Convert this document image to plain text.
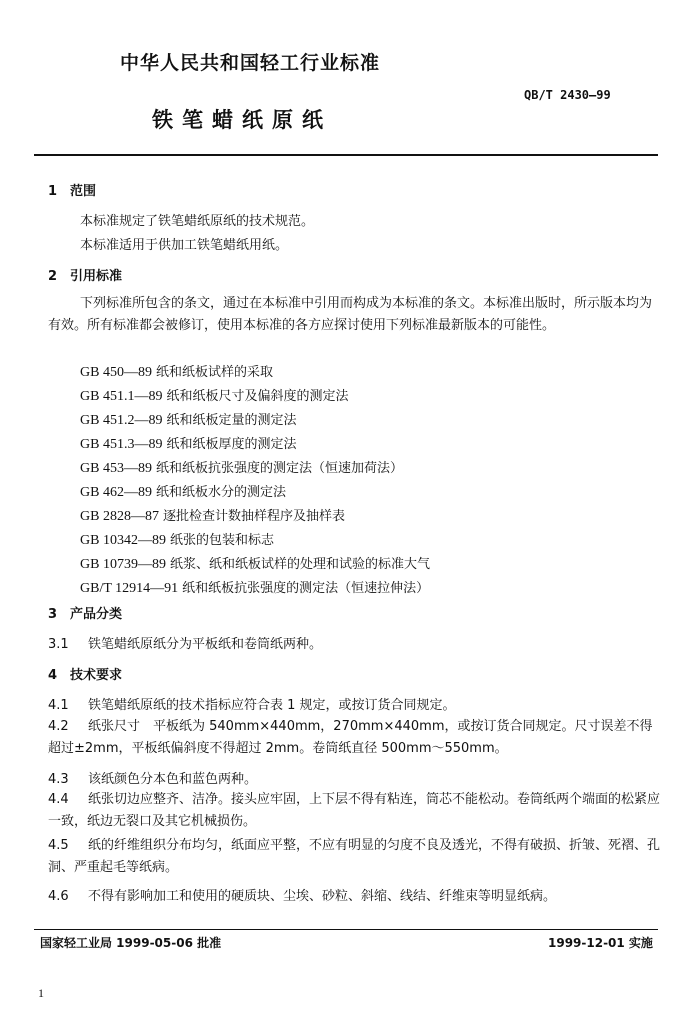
中华人民共和国轻工行业标准
QB/T 2430—99
铁笔蜡纸原纸
1 范围
本标准规定了铁笔蜡纸原纸的技术规范。
本标准适用于供加工铁笔蜡纸用纸。
2 引用标准
下列标准所包含的条文，通过在本标准中引用而构成为本标准的条文。本标准出版时，所示版本均为有效。所有标准都会被修订，使用本标准的各方应探讨使用下列标准最新版本的可能性。
GB 450—89 纸和纸板试样的采取
GB 451.1—89 纸和纸板尺寸及偏斜度的测定法
GB 451.2—89 纸和纸板定量的测定法
GB 451.3—89 纸和纸板厚度的测定法
GB 453—89 纸和纸板抗张强度的测定法（恒速加荷法）
GB 462—89 纸和纸板水分的测定法
GB 2828—87 逐批检查计数抽样程序及抽样表
GB 10342—89 纸张的包装和标志
GB 10739—89 纸浆、纸和纸板试样的处理和试验的标准大气
GB/T 12914—91 纸和纸板抗张强度的测定法（恒速拉伸法）
3 产品分类
3.1 铁笔蜡纸原纸分为平板纸和卷筒纸两种。
4 技术要求
4.1 铁笔蜡纸原纸的技术指标应符合表 1 规定，或按订货合同规定。
4.2 纸张尺寸　平板纸为 540mm×440mm，270mm×440mm，或按订货合同规定。尺寸误差不得超过±2mm，平板纸偏斜度不得超过 2mm。卷筒纸直径 500mm～550mm。
4.3 该纸颜色分本色和蓝色两种。
4.4 纸张切边应整齐、洁净。接头应牢固，上下层不得有粘连，筒芯不能松动。卷筒纸两个端面的松紧应一致，纸边无裂口及其它机械损伤。
4.5 纸的纤维组织分布均匀，纸面应平整，不应有明显的匀度不良及透光，不得有破损、折皱、死褶、孔洞、严重起毛等纸病。
4.6 不得有影响加工和使用的硬质块、尘埃、砂粒、斜缩、线结、纤维束等明显纸病。
国家轻工业局 1999-05-06 批准	1999-12-01 实施
1
